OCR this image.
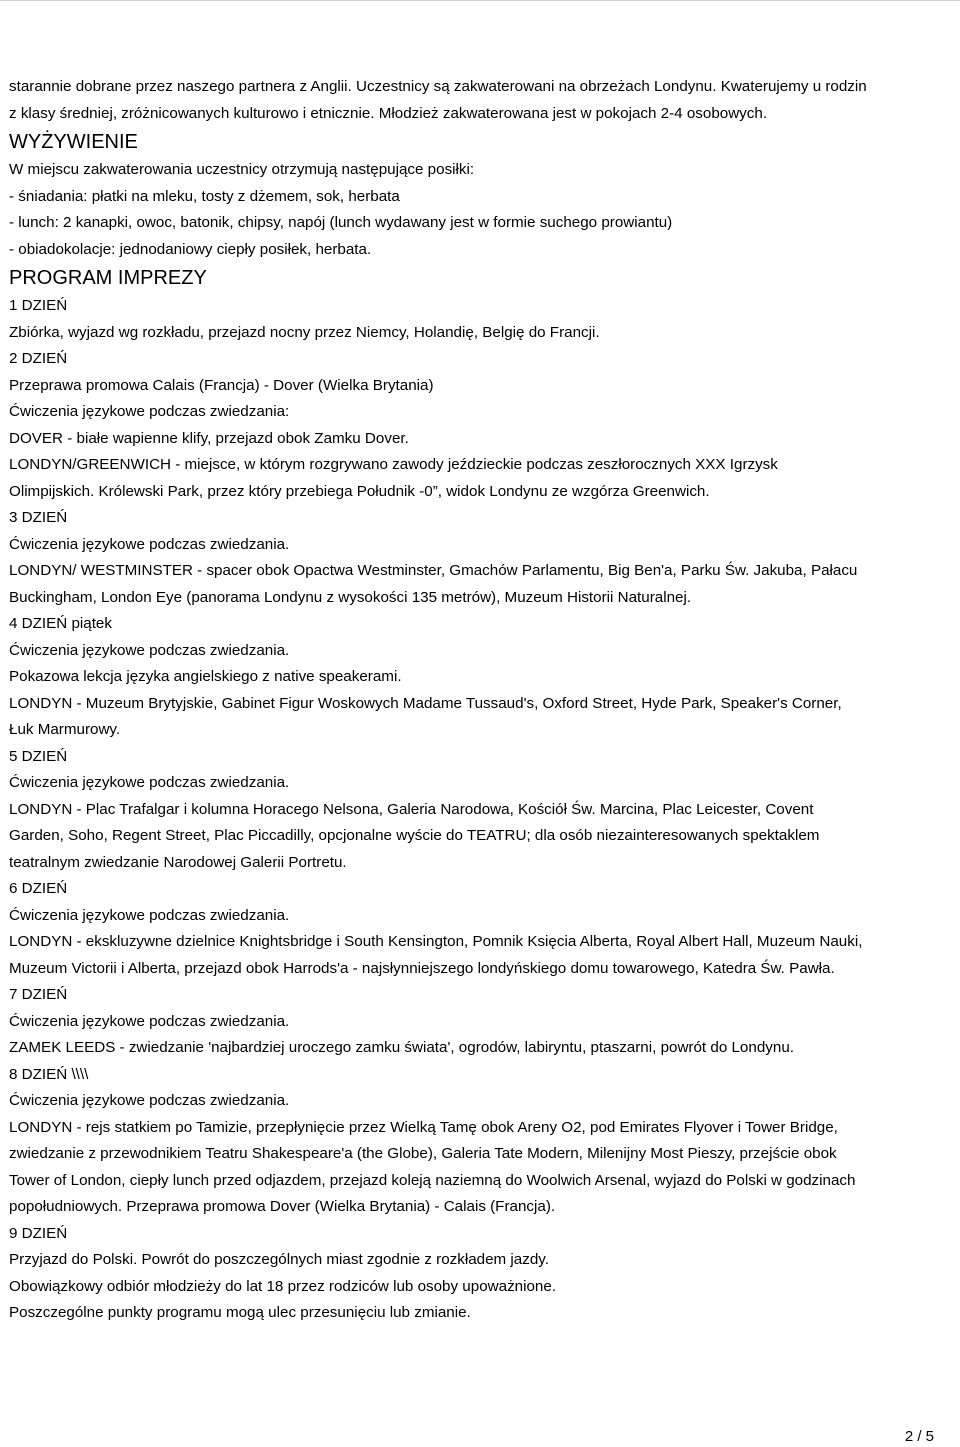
starannie dobrane przez naszego partnera z Anglii. Uczestnicy są zakwaterowani na obrzeżach Londynu. Kwaterujemy u rodzin
z klasy średniej, zróżnicowanych kulturowo i etnicznie. Młodzież zakwaterowana jest w pokojach 2-4 osobowych.
WYŻYWIENIE
W miejscu zakwaterowania uczestnicy otrzymują następujące posiłki:
- śniadania: płatki na mleku, tosty z dżemem, sok, herbata
- lunch: 2 kanapki, owoc, batonik, chipsy, napój (lunch wydawany jest w formie suchego prowiantu)
- obiadokolacje: jednodaniowy ciepły posiłek, herbata.
PROGRAM IMPREZY
1 DZIEŃ
Zbiórka, wyjazd wg rozkładu, przejazd nocny przez Niemcy, Holandię, Belgię do Francji.
2 DZIEŃ
Przeprawa promowa Calais (Francja) - Dover (Wielka Brytania)
Ćwiczenia językowe podczas zwiedzania:
DOVER - białe wapienne klify, przejazd obok Zamku Dover.
LONDYN/GREENWICH - miejsce, w którym rozgrywano zawody jeździeckie podczas zeszłorocznych XXX Igrzysk
Olimpijskich. Królewski Park, przez który przebiega Południk -0”, widok Londynu ze wzgórza Greenwich.
3 DZIEŃ
Ćwiczenia językowe podczas zwiedzania.
LONDYN/ WESTMINSTER - spacer obok Opactwa Westminster, Gmachów Parlamentu, Big Ben'a, Parku Św. Jakuba, Pałacu
Buckingham, London Eye (panorama Londynu z wysokości 135 metrów), Muzeum Historii Naturalnej.
4 DZIEŃ piątek
Ćwiczenia językowe podczas zwiedzania.
Pokazowa lekcja języka angielskiego z native speakerami.
LONDYN - Muzeum Brytyjskie, Gabinet Figur Woskowych Madame Tussaud's, Oxford Street, Hyde Park, Speaker's Corner,
Łuk Marmurowy.
5 DZIEŃ
Ćwiczenia językowe podczas zwiedzania.
LONDYN - Plac Trafalgar i kolumna Horacego Nelsona, Galeria Narodowa, Kościół Św. Marcina, Plac Leicester, Covent
Garden, Soho, Regent Street, Plac Piccadilly, opcjonalne wyście do TEATRU; dla osób niezainteresowanych spektaklem
teatralnym zwiedzanie Narodowej Galerii Portretu.
6 DZIEŃ
Ćwiczenia językowe podczas zwiedzania.
LONDYN - ekskluzywne dzielnice Knightsbridge i South Kensington, Pomnik Księcia Alberta, Royal Albert Hall, Muzeum Nauki,
Muzeum Victorii i Alberta, przejazd obok Harrods'a - najsłynniejszego londyńskiego domu towarowego, Katedra Św. Pawła.
7 DZIEŃ
Ćwiczenia językowe podczas zwiedzania.
ZAMEK LEEDS - zwiedzanie 'najbardziej uroczego zamku świata', ogrodów, labiryntu, ptaszarni, powrót do Londynu.
8 DZIEŃ \\\\
Ćwiczenia językowe podczas zwiedzania.
LONDYN - rejs statkiem po Tamizie, przepłynięcie przez Wielką Tamę obok Areny O2, pod Emirates Flyover i Tower Bridge,
zwiedzanie z przewodnikiem Teatru Shakespeare'a (the Globe), Galeria Tate Modern, Milenijny Most Pieszy, przejście obok
Tower of London, ciepły lunch przed odjazdem, przejazd koleją naziemną do Woolwich Arsenal, wyjazd do Polski w godzinach
popołudniowych. Przeprawa promowa Dover (Wielka Brytania) - Calais (Francja).
9 DZIEŃ
Przyjazd do Polski. Powrót do poszczególnych miast zgodnie z rozkładem jazdy.
Obowiązkowy odbiór młodzieży do lat 18 przez rodziców lub osoby upoważnione.
Poszczególne punkty programu mogą ulec przesunięciu lub zmianie.
2 / 5
